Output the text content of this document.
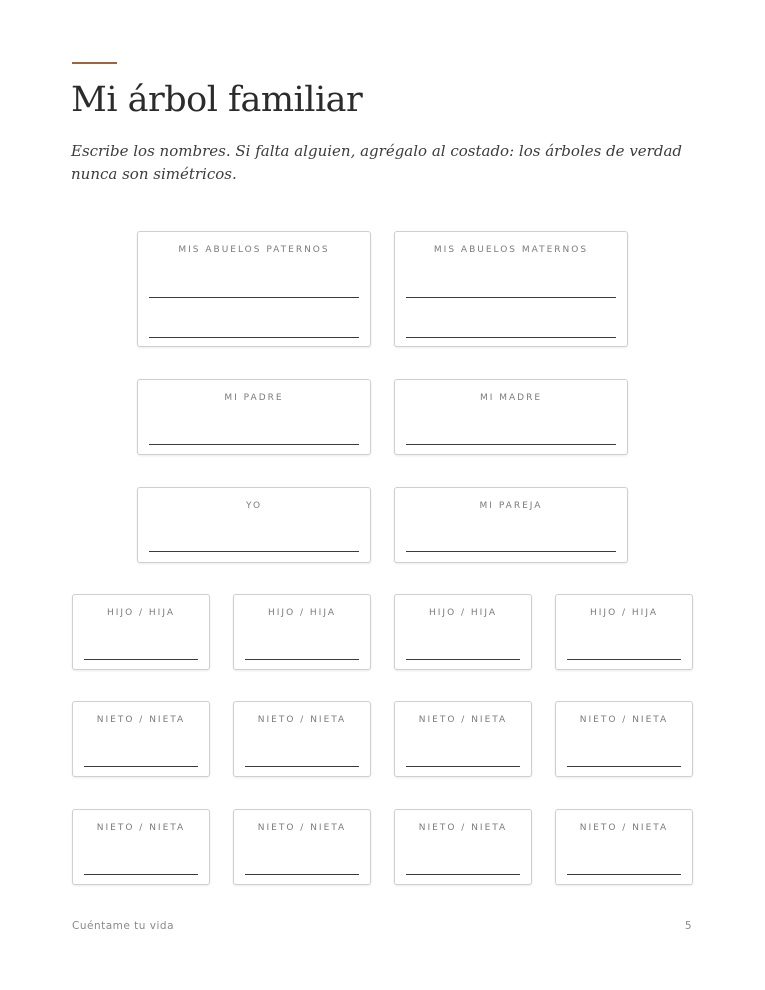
Mi árbol familiar

Escribe los nombres. Si falta alguien, agrégalo al costado: los árboles de verdad nunca son simétricos.

MIS ABUELOS PATERNOS	MIS ABUELOS MATERNOS
MI PADRE	MI MADRE
YO	MI PAREJA
HIJO / HIJA	HIJO / HIJA	HIJO / HIJA	HIJO / HIJA
NIETO / NIETA	NIETO / NIETA	NIETO / NIETA	NIETO / NIETA
NIETO / NIETA	NIETO / NIETA	NIETO / NIETA	NIETO / NIETA
Cuéntame tu vida	5
